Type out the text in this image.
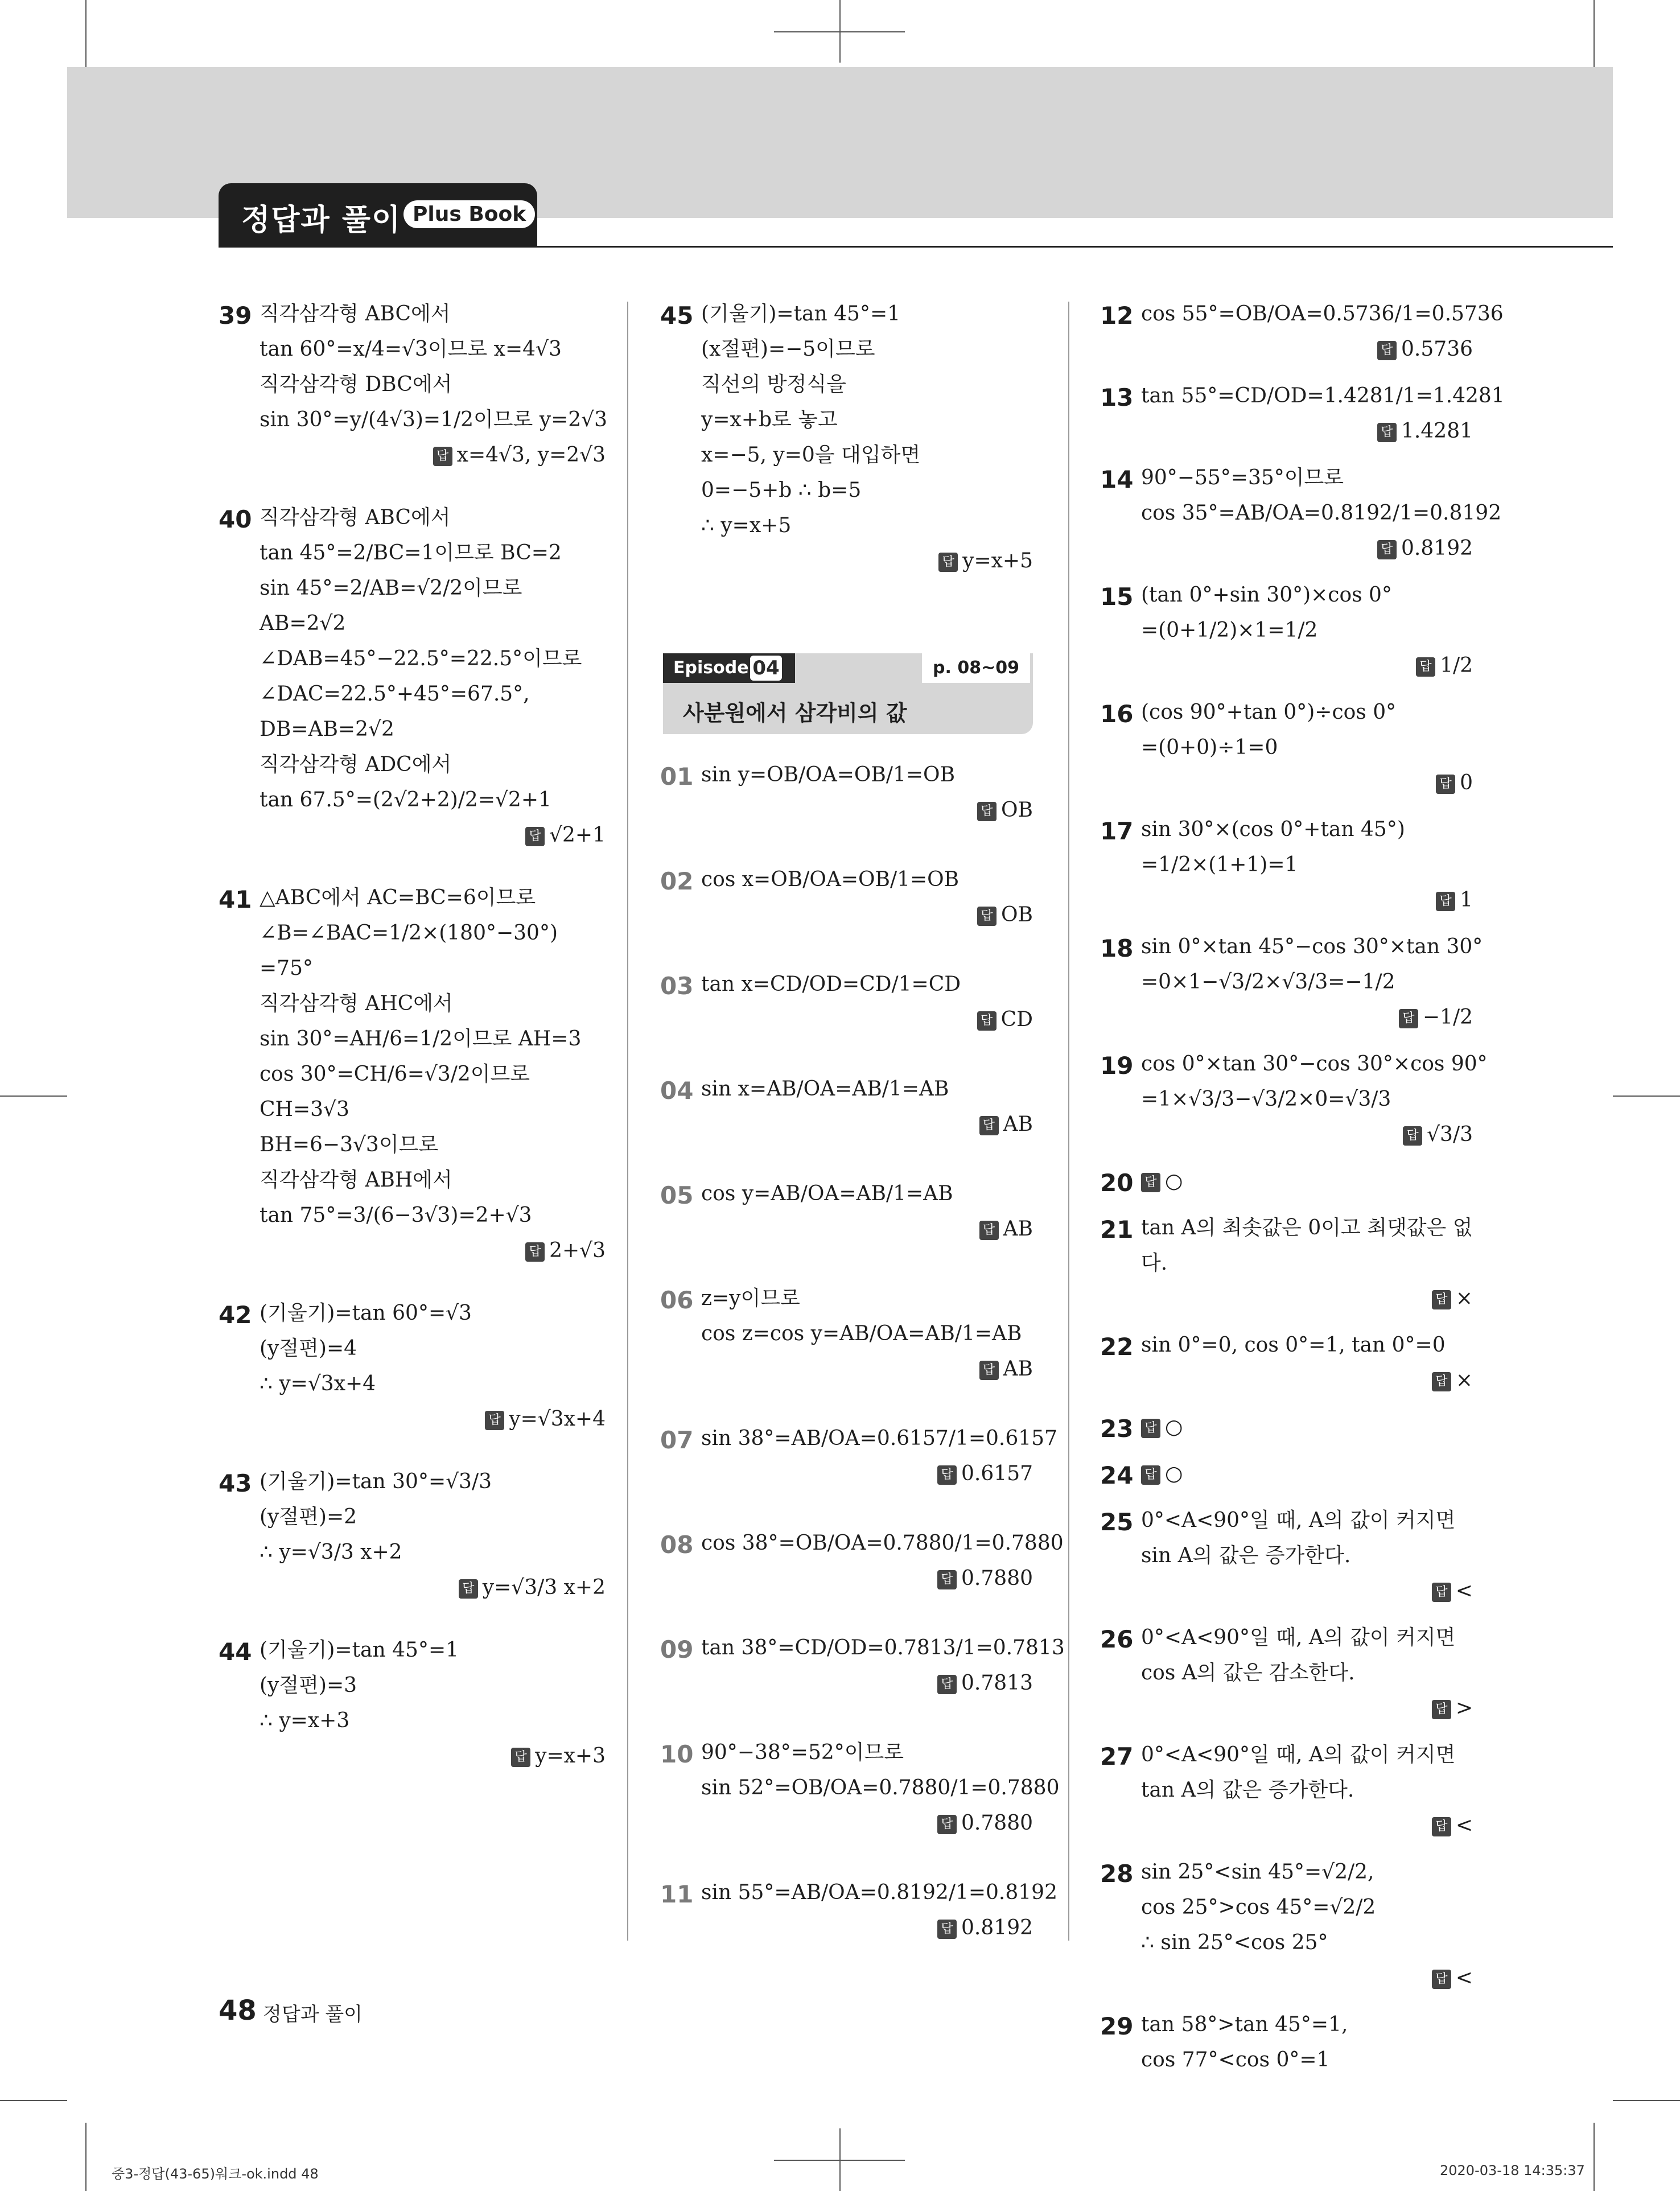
정답과 풀이 Plus Book
39 직각삼각형 ABC에서
tan 60°=x/4=√3이므로 x=4√3
직각삼각형 DBC에서
sin 30°=y/(4√3)=1/2이므로 y=2√3
답 x=4√3, y=2√3
40 직각삼각형 ABC에서
tan 45°=2/BC=1이므로 BC=2
sin 45°=2/AB=√2/2이므로
AB=2√2
∠DAB=45°−22.5°=22.5°이므로
∠DAC=22.5°+45°=67.5°,
DB=AB=2√2
직각삼각형 ADC에서
tan 67.5°=(2√2+2)/2=√2+1
답 √2+1
41 △ABC에서 AC=BC=6이므로
∠B=∠BAC=1/2×(180°−30°)
=75°
직각삼각형 AHC에서
sin 30°=AH/6=1/2이므로 AH=3
cos 30°=CH/6=√3/2이므로
CH=3√3
BH=6−3√3이므로
직각삼각형 ABH에서
tan 75°=3/(6−3√3)=2+√3
답 2+√3
42 (기울기)=tan 60°=√3
(y절편)=4
∴ y=√3x+4
답 y=√3x+4
43 (기울기)=tan 30°=√3/3
(y절편)=2
∴ y=√3/3 x+2
답 y=√3/3 x+2
44 (기울기)=tan 45°=1
(y절편)=3
∴ y=x+3
답 y=x+3
45 (기울기)=tan 45°=1
(x절편)=−5이므로
직선의 방정식을
y=x+b로 놓고
x=−5, y=0을 대입하면
0=−5+b ∴ b=5
∴ y=x+5
답 y=x+5
01 sin y=OB/OA=OB/1=OB
답 OB
02 cos x=OB/OA=OB/1=OB
답 OB
03 tan x=CD/OD=CD/1=CD
답 CD
04 sin x=AB/OA=AB/1=AB
답 AB
05 cos y=AB/OA=AB/1=AB
답 AB
06 z=y이므로
cos z=cos y=AB/OA=AB/1=AB
답 AB
07 sin 38°=AB/OA=0.6157/1=0.6157
답 0.6157
08 cos 38°=OB/OA=0.7880/1=0.7880
답 0.7880
09 tan 38°=CD/OD=0.7813/1=0.7813
답 0.7813
10 90°−38°=52°이므로
sin 52°=OB/OA=0.7880/1=0.7880
답 0.7880
11 sin 55°=AB/OA=0.8192/1=0.8192
답 0.8192
12 cos 55°=OB/OA=0.5736/1=0.5736
답 0.5736
13 tan 55°=CD/OD=1.4281/1=1.4281
답 1.4281
14 90°−55°=35°이므로
cos 35°=AB/OA=0.8192/1=0.8192
답 0.8192
15 (tan 0°+sin 30°)×cos 0°
=(0+1/2)×1=1/2
답 1/2
16 (cos 90°+tan 0°)÷cos 0°
=(0+0)÷1=0
답 0
17 sin 30°×(cos 0°+tan 45°)
=1/2×(1+1)=1
답 1
18 sin 0°×tan 45°−cos 30°×tan 30°
=0×1−√3/2×√3/3=−1/2
답 −1/2
19 cos 0°×tan 30°−cos 30°×cos 90°
=1×√3/3−√3/2×0=√3/3
답 √3/3
20 답 ○
21 tan A의 최솟값은 0이고 최댓값은 없
다.
답 ×
22 sin 0°=0, cos 0°=1, tan 0°=0
답 ×
23 답 ○
24 답 ○
25 0°<A<90°일 때, A의 값이 커지면
sin A의 값은 증가한다.
답 <
26 0°<A<90°일 때, A의 값이 커지면
cos A의 값은 감소한다.
답 >
27 0°<A<90°일 때, A의 값이 커지면
tan A의 값은 증가한다.
답 <
28 sin 25°<sin 45°=√2/2,
cos 25°>cos 45°=√2/2
∴ sin 25°<cos 25°
답 <
29 tan 58°>tan 45°=1,
cos 77°<cos 0°=1
Episode 04	p. 08~09
사분원에서 삼각비의 값
48 정답과 풀이
중3-정답(43-65)워크-ok.indd 48	2020-03-18 14:35:37
